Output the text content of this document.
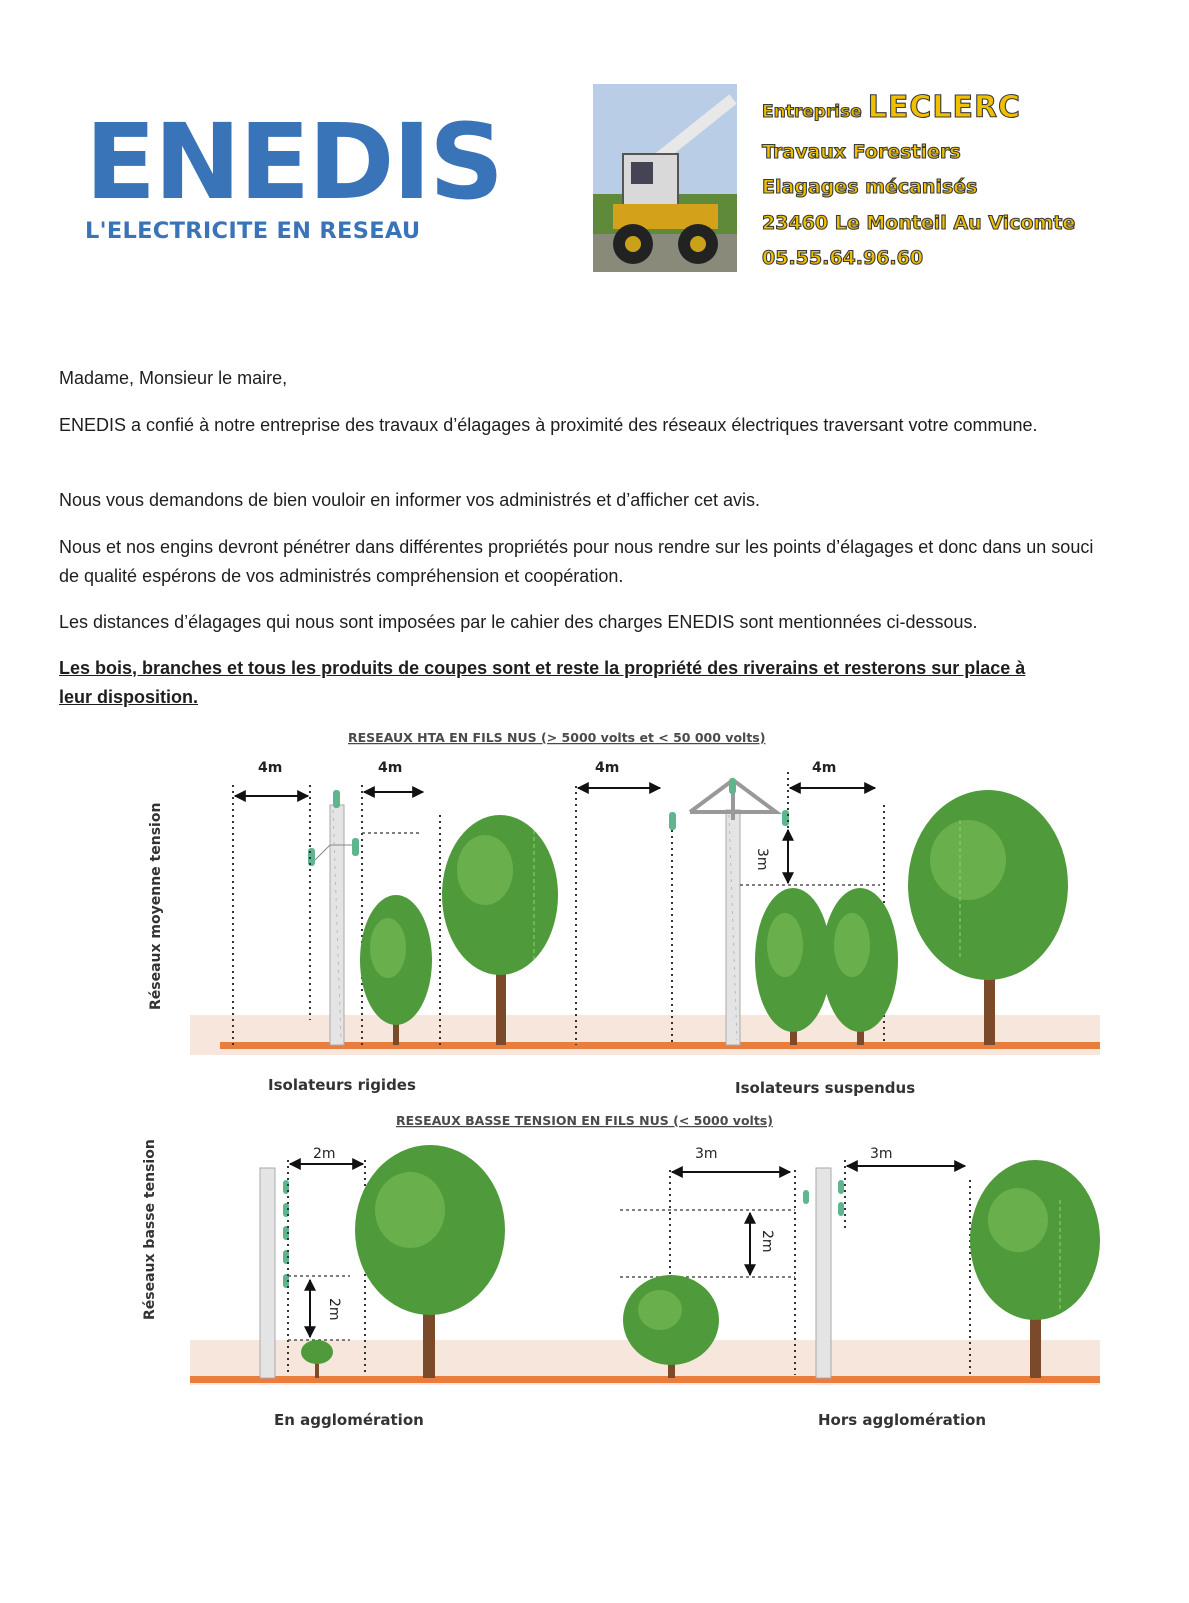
ENEDIS
L'ELECTRICITE EN RESEAU
Entreprise LECLERC
Travaux Forestiers
Elagages mécanisés
23460 Le Monteil Au Vicomte
05.55.64.96.60
Madame, Monsieur le maire,
ENEDIS a confié à notre entreprise des travaux d’élagages à proximité des réseaux électriques traversant votre commune.
Nous vous demandons de bien vouloir en informer vos administrés et d’afficher cet avis.
Nous et nos engins devront pénétrer dans différentes propriétés pour nous rendre sur les points d’élagages et donc dans un souci de qualité espérons de vos administrés compréhension et coopération.
Les distances d’élagages qui nous sont imposées par le cahier des charges ENEDIS sont mentionnées ci-dessous.
Les bois, branches et tous les produits de coupes sont et reste la propriété des riverains et resterons sur place à leur disposition.
RESEAUX HTA EN FILS NUS (> 5000 volts et < 50 000 volts)
RESEAUX BASSE TENSION EN FILS NUS (< 5000 volts)
Réseaux moyenne tension
Réseaux basse tension
4m	4m	4m
3m
4m
Isolateurs rigides	Isolateurs suspendus
2m
2m
3m	3m
2m
En agglomération	Hors agglomération
